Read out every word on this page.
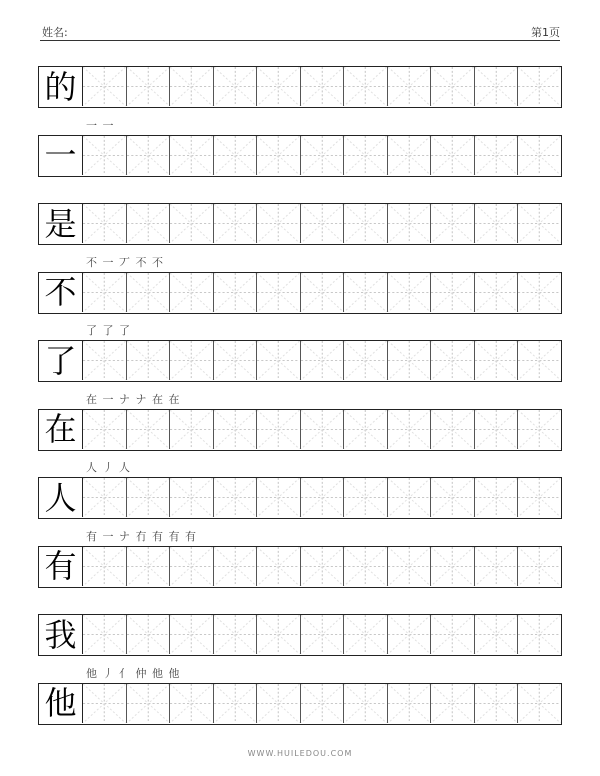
姓名:	第1页
的
一 一
一
是
不 一 丆 不 不
不
了 了 了
了
在 一 ナ ナ 在 在
在
人 丿 人
人
有 一 ナ 冇 有 有 有
有
我
他 丿 亻 仲 他 他
他
WWW.HUILEDOU.COM
